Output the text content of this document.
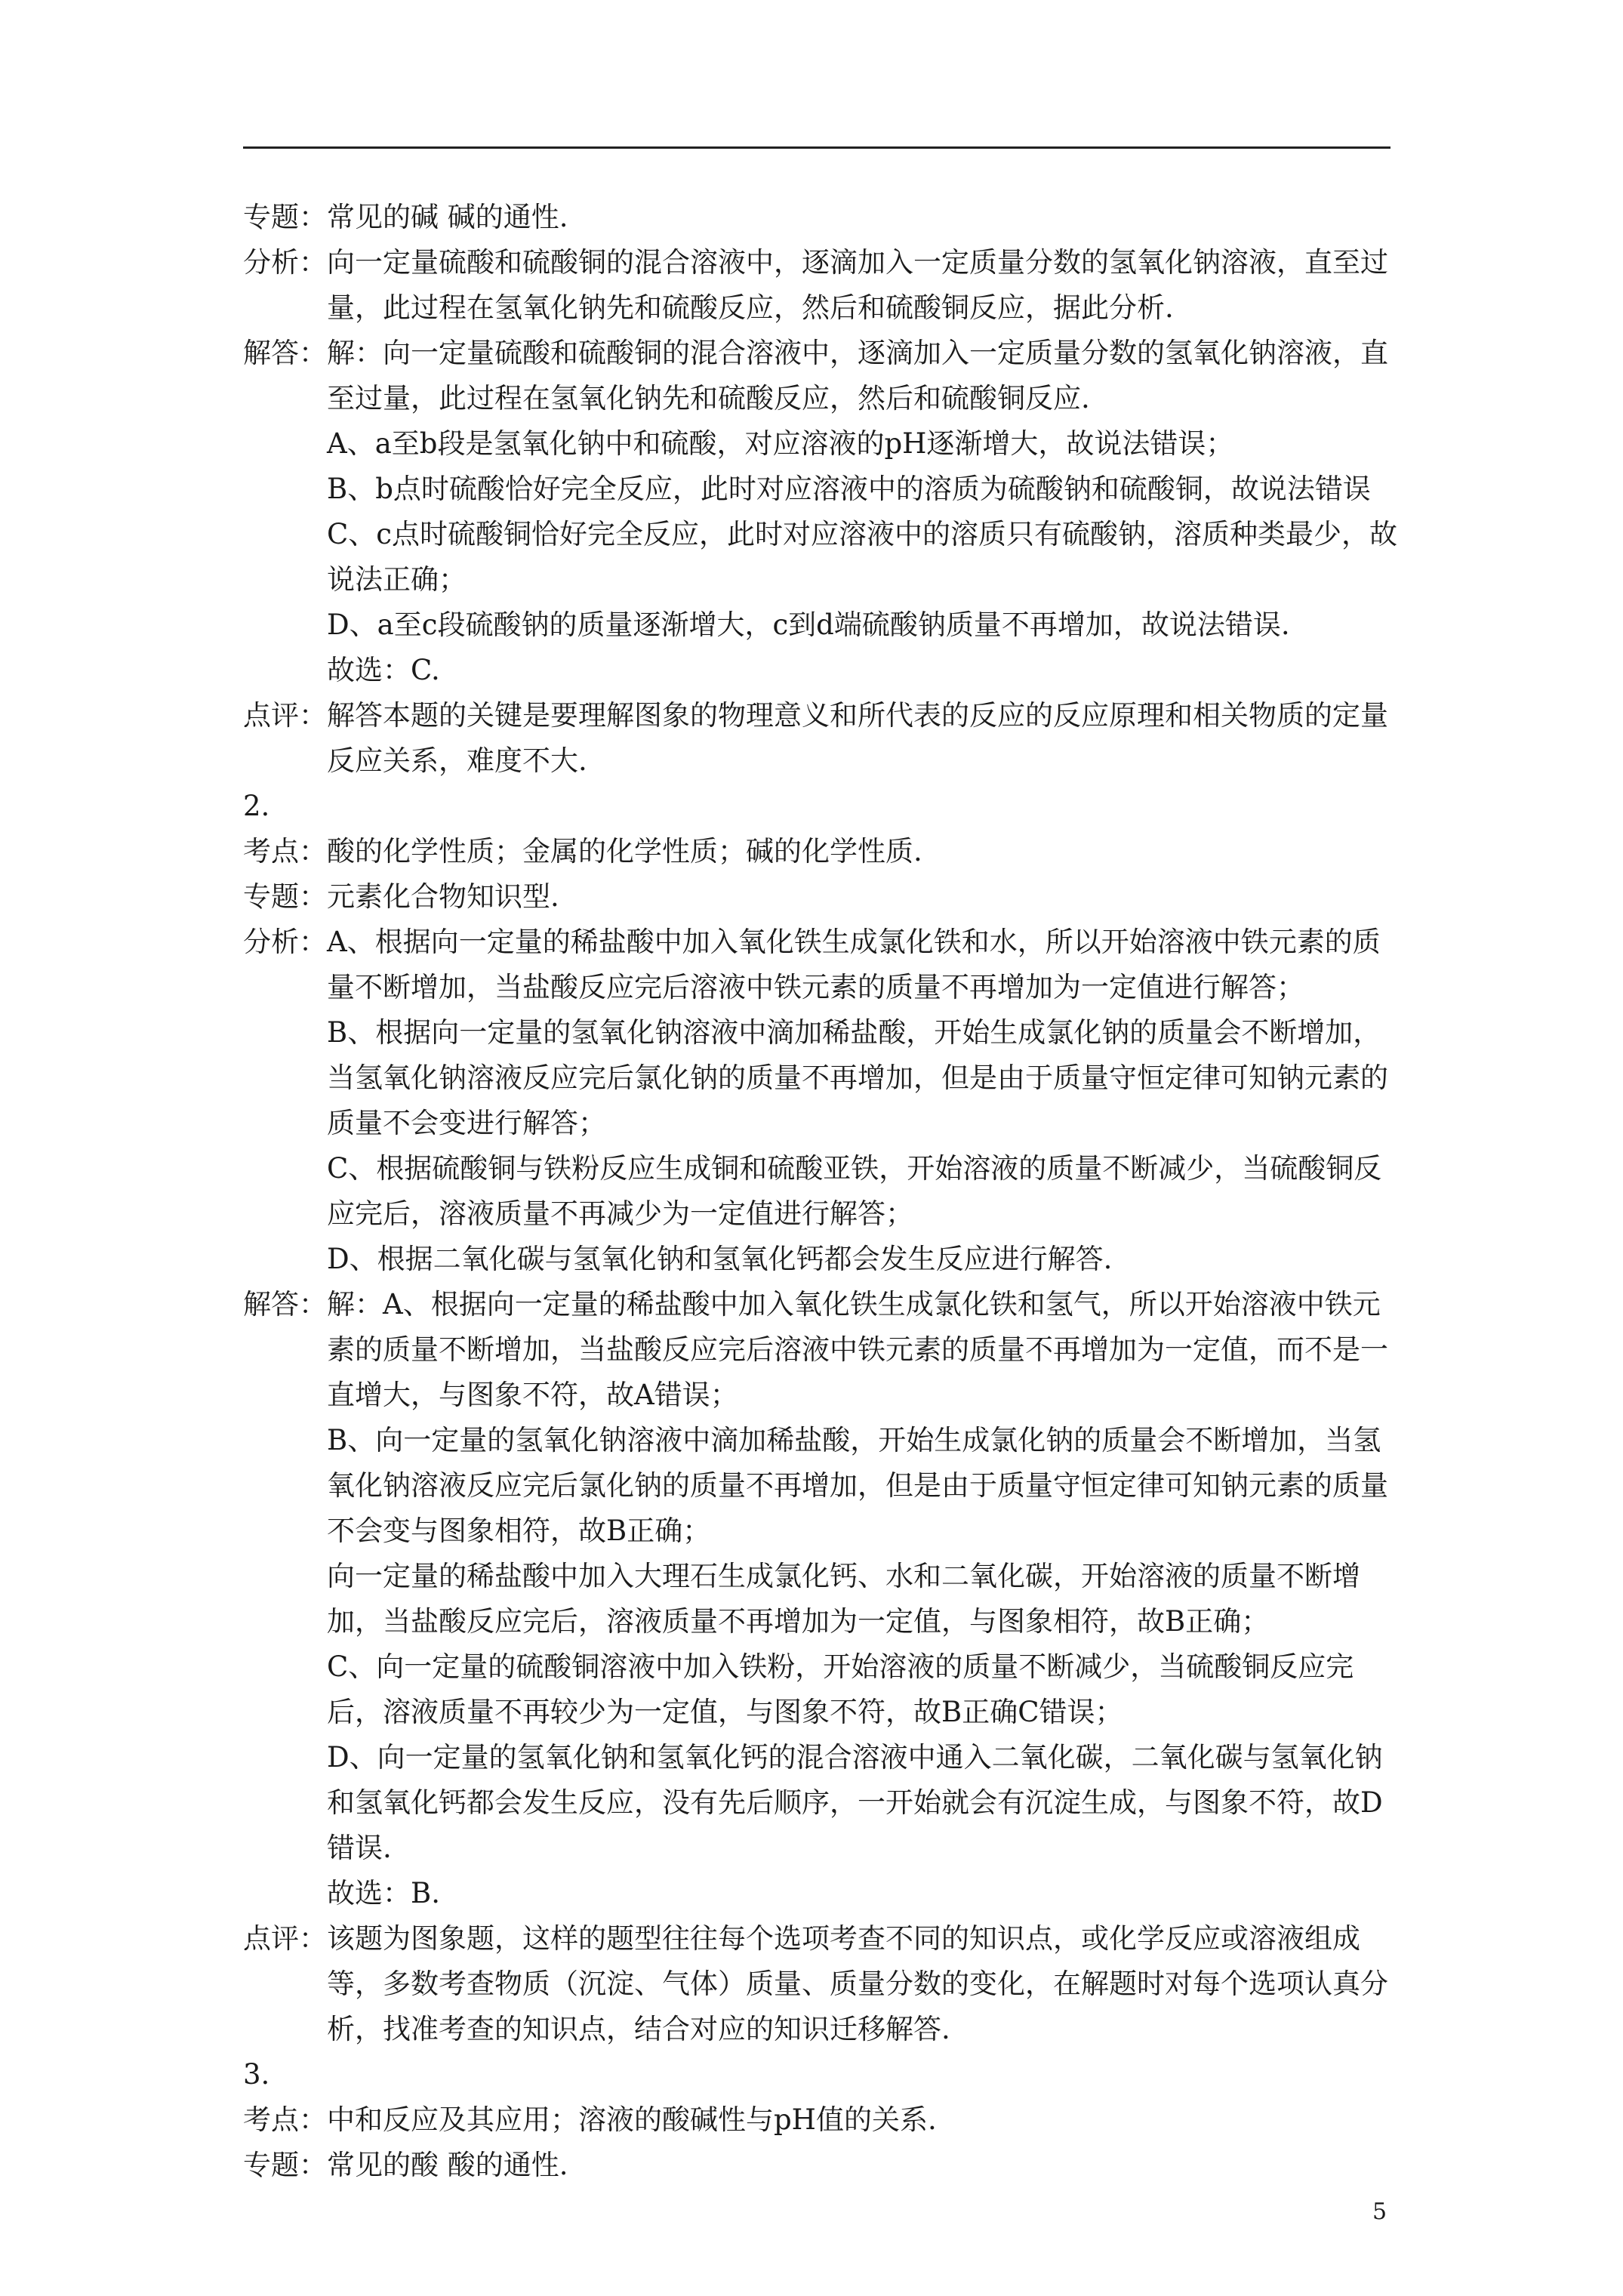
专题： 常见的碱 碱的通性.

分析： 向一定量硫酸和硫酸铜的混合溶液中，逐滴加入一定质量分数的氢氧化钠溶液，直至过量，此过程在氢氧化钠先和硫酸反应，然后和硫酸铜反应，据此分析.

解答： 解：向一定量硫酸和硫酸铜的混合溶液中，逐滴加入一定质量分数的氢氧化钠溶液，直至过量，此过程在氢氧化钠先和硫酸反应，然后和硫酸铜反应.

A、a至b段是氢氧化钠中和硫酸，对应溶液的pH逐渐增大，故说法错误；

B、b点时硫酸恰好完全反应，此时对应溶液中的溶质为硫酸钠和硫酸铜，故说法错误

C、c点时硫酸铜恰好完全反应，此时对应溶液中的溶质只有硫酸钠，溶质种类最少，故说法正确；

D、a至c段硫酸钠的质量逐渐增大，c到d端硫酸钠质量不再增加，故说法错误.

故选：C.

点评： 解答本题的关键是要理解图象的物理意义和所代表的反应的反应原理和相关物质的定量反应关系，难度不大.

2.

考点： 酸的化学性质；金属的化学性质；碱的化学性质.

专题： 元素化合物知识型.

分析： A、根据向一定量的稀盐酸中加入氧化铁生成氯化铁和水，所以开始溶液中铁元素的质量不断增加，当盐酸反应完后溶液中铁元素的质量不再增加为一定值进行解答；

B、根据向一定量的氢氧化钠溶液中滴加稀盐酸，开始生成氯化钠的质量会不断增加，当氢氧化钠溶液反应完后氯化钠的质量不再增加，但是由于质量守恒定律可知钠元素的质量不会变进行解答；

C、根据硫酸铜与铁粉反应生成铜和硫酸亚铁，开始溶液的质量不断减少，当硫酸铜反应完后，溶液质量不再减少为一定值进行解答；

D、根据二氧化碳与氢氧化钠和氢氧化钙都会发生反应进行解答.

解答： 解：A、根据向一定量的稀盐酸中加入氧化铁生成氯化铁和氢气，所以开始溶液中铁元素的质量不断增加，当盐酸反应完后溶液中铁元素的质量不再增加为一定值，而不是一直增大，与图象不符，故A错误；

B、向一定量的氢氧化钠溶液中滴加稀盐酸，开始生成氯化钠的质量会不断增加，当氢氧化钠溶液反应完后氯化钠的质量不再增加，但是由于质量守恒定律可知钠元素的质量不会变与图象相符，故B正确；

向一定量的稀盐酸中加入大理石生成氯化钙、水和二氧化碳，开始溶液的质量不断增加，当盐酸反应完后，溶液质量不再增加为一定值，与图象相符，故B正确；

C、向一定量的硫酸铜溶液中加入铁粉，开始溶液的质量不断减少，当硫酸铜反应完后，溶液质量不再较少为一定值，与图象不符，故B正确C错误；

D、向一定量的氢氧化钠和氢氧化钙的混合溶液中通入二氧化碳，二氧化碳与氢氧化钠和氢氧化钙都会发生反应，没有先后顺序，一开始就会有沉淀生成，与图象不符，故D错误.

故选：B.

点评： 该题为图象题，这样的题型往往每个选项考查不同的知识点，或化学反应或溶液组成等，多数考查物质（沉淀、气体）质量、质量分数的变化，在解题时对每个选项认真分析，找准考查的知识点，结合对应的知识迁移解答.

3.

考点： 中和反应及其应用；溶液的酸碱性与pH值的关系.

专题： 常见的酸 酸的通性.

5
